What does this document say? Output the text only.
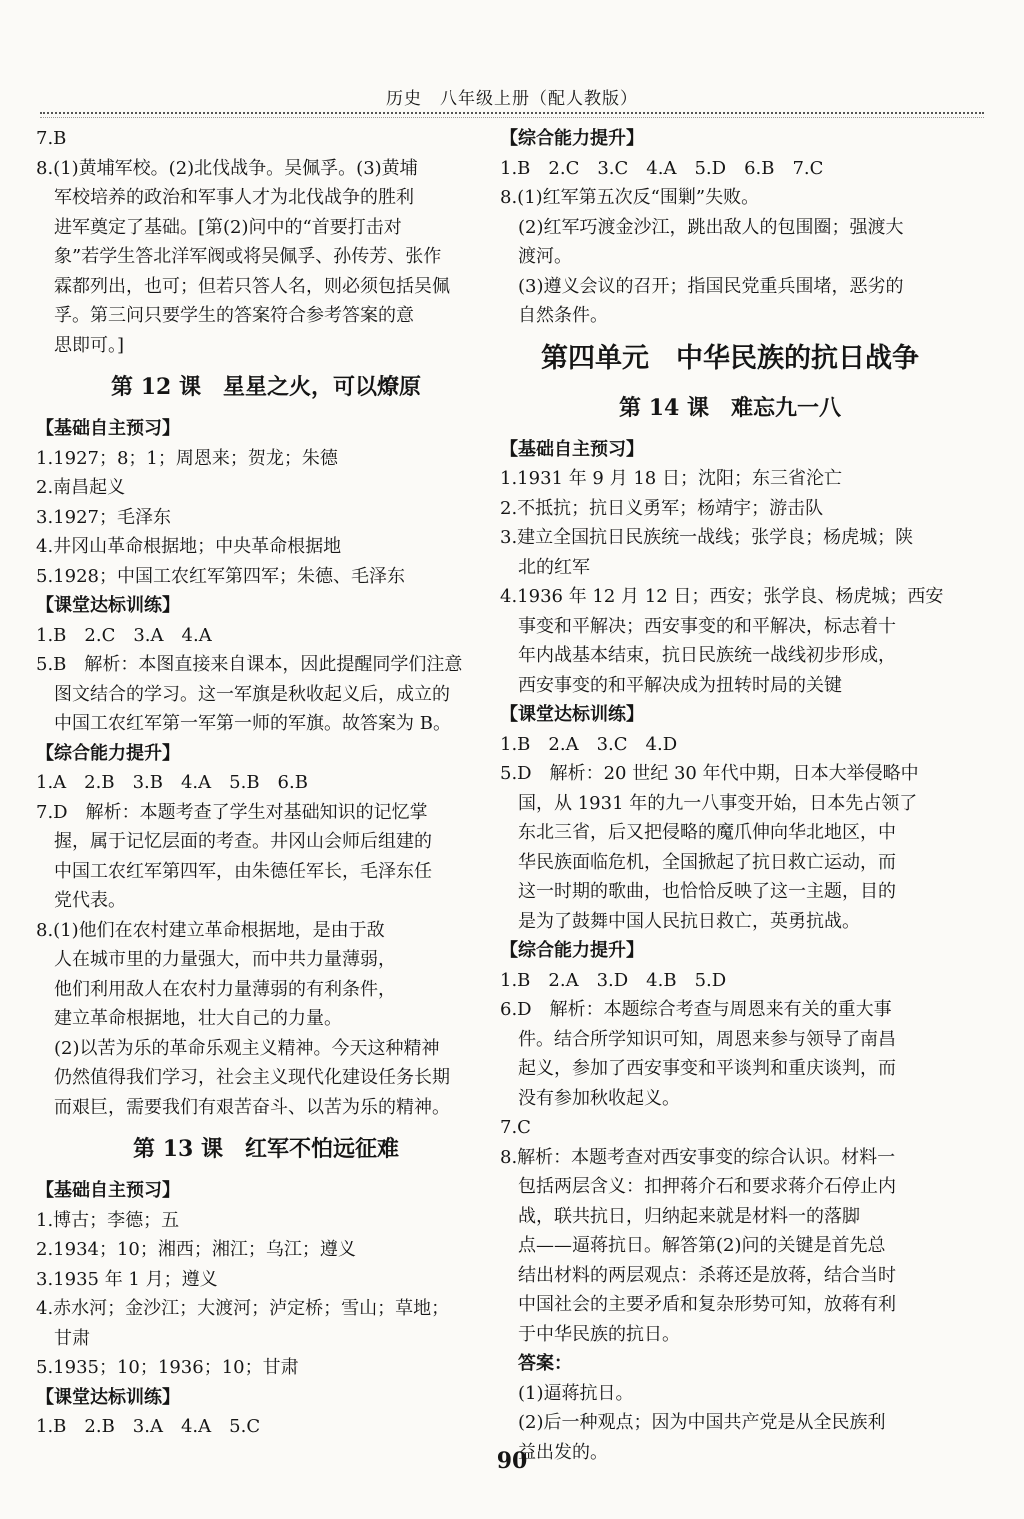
历史　八年级上册（配人教版）
7.B
8.(1)黄埔军校。(2)北伐战争。吴佩孚。(3)黄埔
军校培养的政治和军事人才为北伐战争的胜利
进军奠定了基础。[第(2)问中的“首要打击对
象”若学生答北洋军阀或将吴佩孚、孙传芳、张作
霖都列出，也可；但若只答人名，则必须包括吴佩
孚。第三问只要学生的答案符合参考答案的意
思即可。]
第 12 课　星星之火，可以燎原
【基础自主预习】
1.1927；8；1；周恩来；贺龙；朱德
2.南昌起义
3.1927；毛泽东
4.井冈山革命根据地；中央革命根据地
5.1928；中国工农红军第四军；朱德、毛泽东
【课堂达标训练】
1.B　2.C　3.A　4.A
5.B　解析：本图直接来自课本，因此提醒同学们注意
图文结合的学习。这一军旗是秋收起义后，成立的
中国工农红军第一军第一师的军旗。故答案为 B。
【综合能力提升】
1.A　2.B　3.B　4.A　5.B　6.B
7.D　解析：本题考查了学生对基础知识的记忆掌
握，属于记忆层面的考查。井冈山会师后组建的
中国工农红军第四军，由朱德任军长，毛泽东任
党代表。
8.(1)他们在农村建立革命根据地，是由于敌
人在城市里的力量强大，而中共力量薄弱，
他们利用敌人在农村力量薄弱的有利条件，
建立革命根据地，壮大自己的力量。
(2)以苦为乐的革命乐观主义精神。今天这种精神
仍然值得我们学习，社会主义现代化建设任务长期
而艰巨，需要我们有艰苦奋斗、以苦为乐的精神。
第 13 课　红军不怕远征难
【基础自主预习】
1.博古；李德；五
2.1934；10；湘西；湘江；乌江；遵义
3.1935 年 1 月；遵义
4.赤水河；金沙江；大渡河；泸定桥；雪山；草地；
甘肃
5.1935；10；1936；10；甘肃
【课堂达标训练】
1.B　2.B　3.A　4.A　5.C
【综合能力提升】
1.B　2.C　3.C　4.A　5.D　6.B　7.C
8.(1)红军第五次反“围剿”失败。
(2)红军巧渡金沙江，跳出敌人的包围圈；强渡大
渡河。
(3)遵义会议的召开；指国民党重兵围堵，恶劣的
自然条件。
第四单元　中华民族的抗日战争
第 14 课　难忘九一八
【基础自主预习】
1.1931 年 9 月 18 日；沈阳；东三省沦亡
2.不抵抗；抗日义勇军；杨靖宇；游击队
3.建立全国抗日民族统一战线；张学良；杨虎城；陕
北的红军
4.1936 年 12 月 12 日；西安；张学良、杨虎城；西安
事变和平解决；西安事变的和平解决，标志着十
年内战基本结束，抗日民族统一战线初步形成，
西安事变的和平解决成为扭转时局的关键
【课堂达标训练】
1.B　2.A　3.C　4.D
5.D　解析：20 世纪 30 年代中期，日本大举侵略中
国，从 1931 年的九一八事变开始，日本先占领了
东北三省，后又把侵略的魔爪伸向华北地区，中
华民族面临危机，全国掀起了抗日救亡运动，而
这一时期的歌曲，也恰恰反映了这一主题，目的
是为了鼓舞中国人民抗日救亡，英勇抗战。
【综合能力提升】
1.B　2.A　3.D　4.B　5.D
6.D　解析：本题综合考查与周恩来有关的重大事
件。结合所学知识可知，周恩来参与领导了南昌
起义，参加了西安事变和平谈判和重庆谈判，而
没有参加秋收起义。
7.C
8.解析：本题考查对西安事变的综合认识。材料一
包括两层含义：扣押蒋介石和要求蒋介石停止内
战，联共抗日，归纳起来就是材料一的落脚
点——逼蒋抗日。解答第(2)问的关键是首先总
结出材料的两层观点：杀蒋还是放蒋，结合当时
中国社会的主要矛盾和复杂形势可知，放蒋有利
于中华民族的抗日。
答案：
(1)逼蒋抗日。
(2)后一种观点；因为中国共产党是从全民族利
益出发的。
90
